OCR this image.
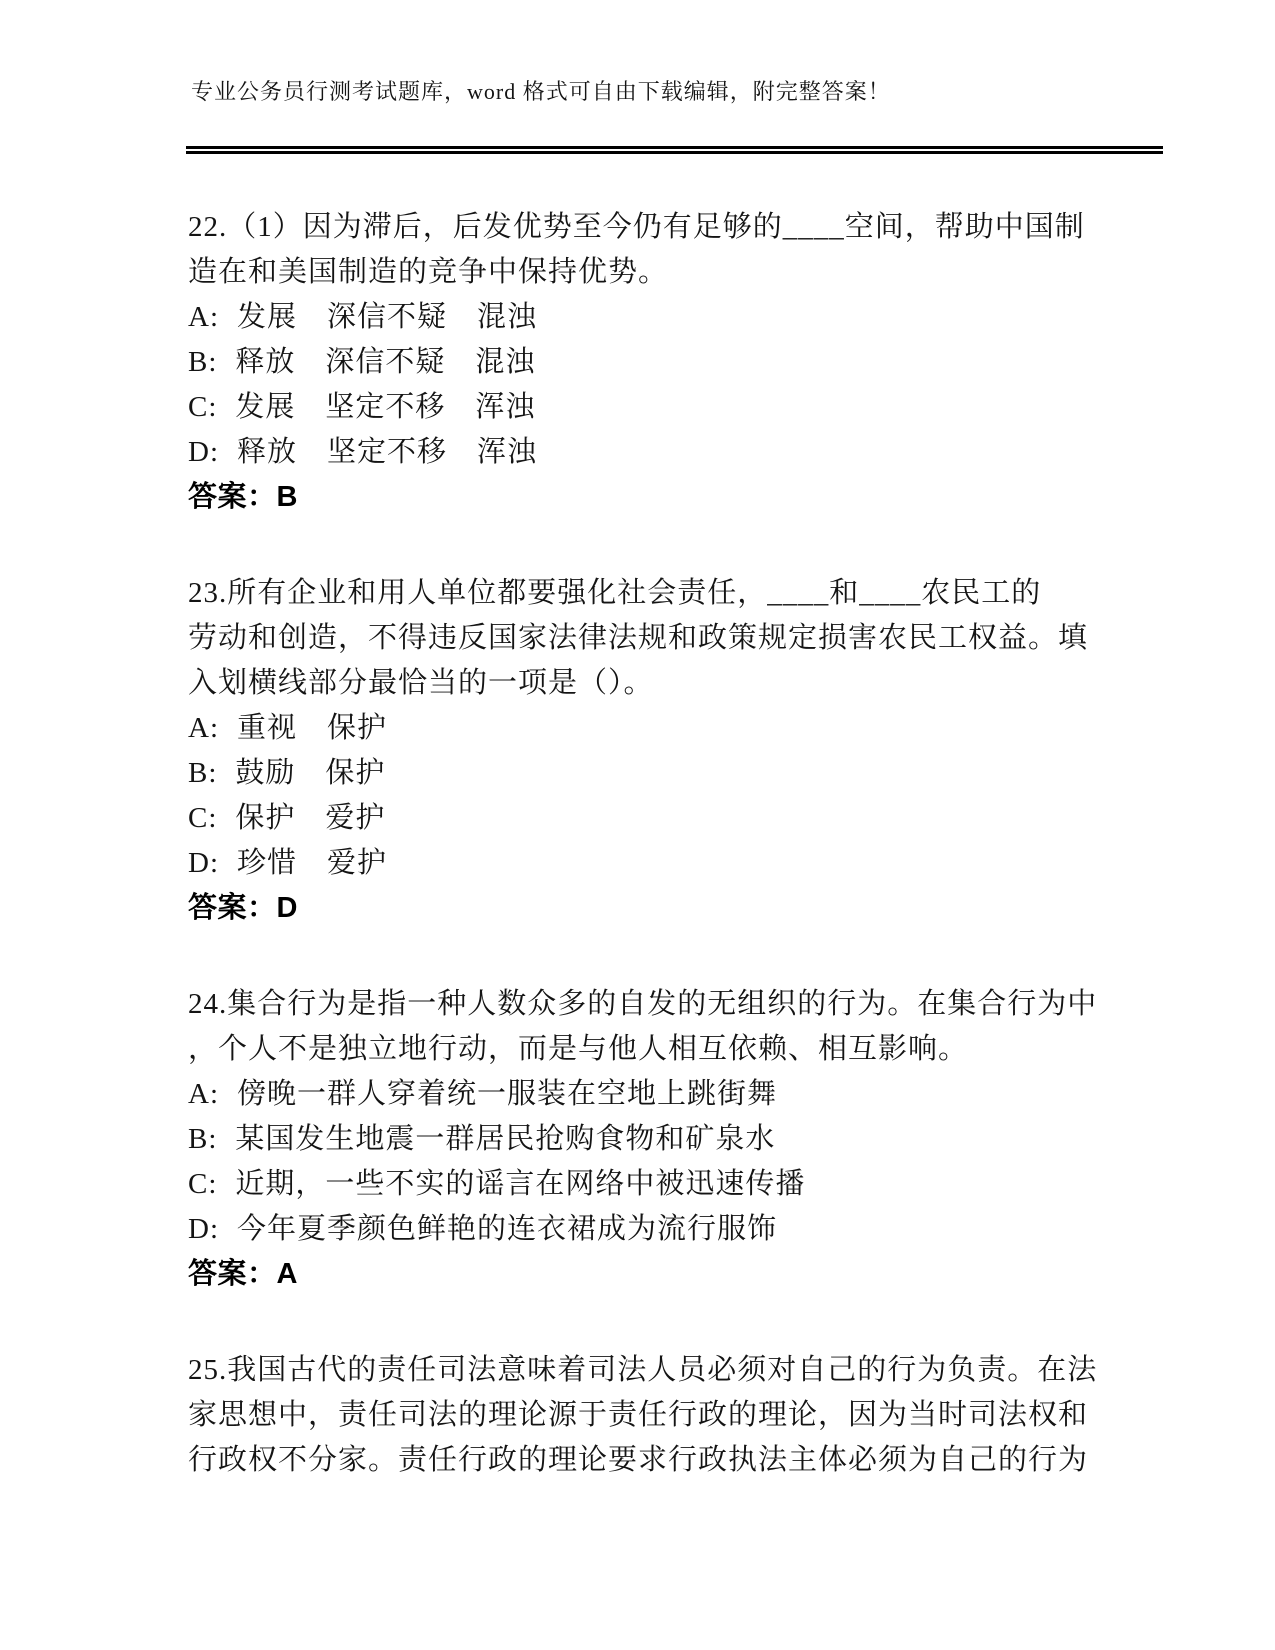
专业公务员行测考试题库，word 格式可自由下载编辑，附完整答案！
22.（1）因为滞后，后发优势至今仍有足够的____空间，帮助中国制
造在和美国制造的竞争中保持优势。
A: 发展　深信不疑　混浊
B: 释放　深信不疑　混浊
C: 发展　坚定不移　浑浊
D: 释放　坚定不移　浑浊
答案：B
23.所有企业和用人单位都要强化社会责任，____和____农民工的
劳动和创造，不得违反国家法律法规和政策规定损害农民工权益。填
入划横线部分最恰当的一项是（）。
A: 重视　保护
B: 鼓励　保护
C: 保护　爱护
D: 珍惜　爱护
答案：D
24.集合行为是指一种人数众多的自发的无组织的行为。在集合行为中
，个人不是独立地行动，而是与他人相互依赖、相互影响。
A: 傍晚一群人穿着统一服装在空地上跳街舞
B: 某国发生地震一群居民抢购食物和矿泉水
C: 近期，一些不实的谣言在网络中被迅速传播
D: 今年夏季颜色鲜艳的连衣裙成为流行服饰
答案：A
25.我国古代的责任司法意味着司法人员必须对自己的行为负责。在法
家思想中，责任司法的理论源于责任行政的理论，因为当时司法权和
行政权不分家。责任行政的理论要求行政执法主体必须为自己的行为
